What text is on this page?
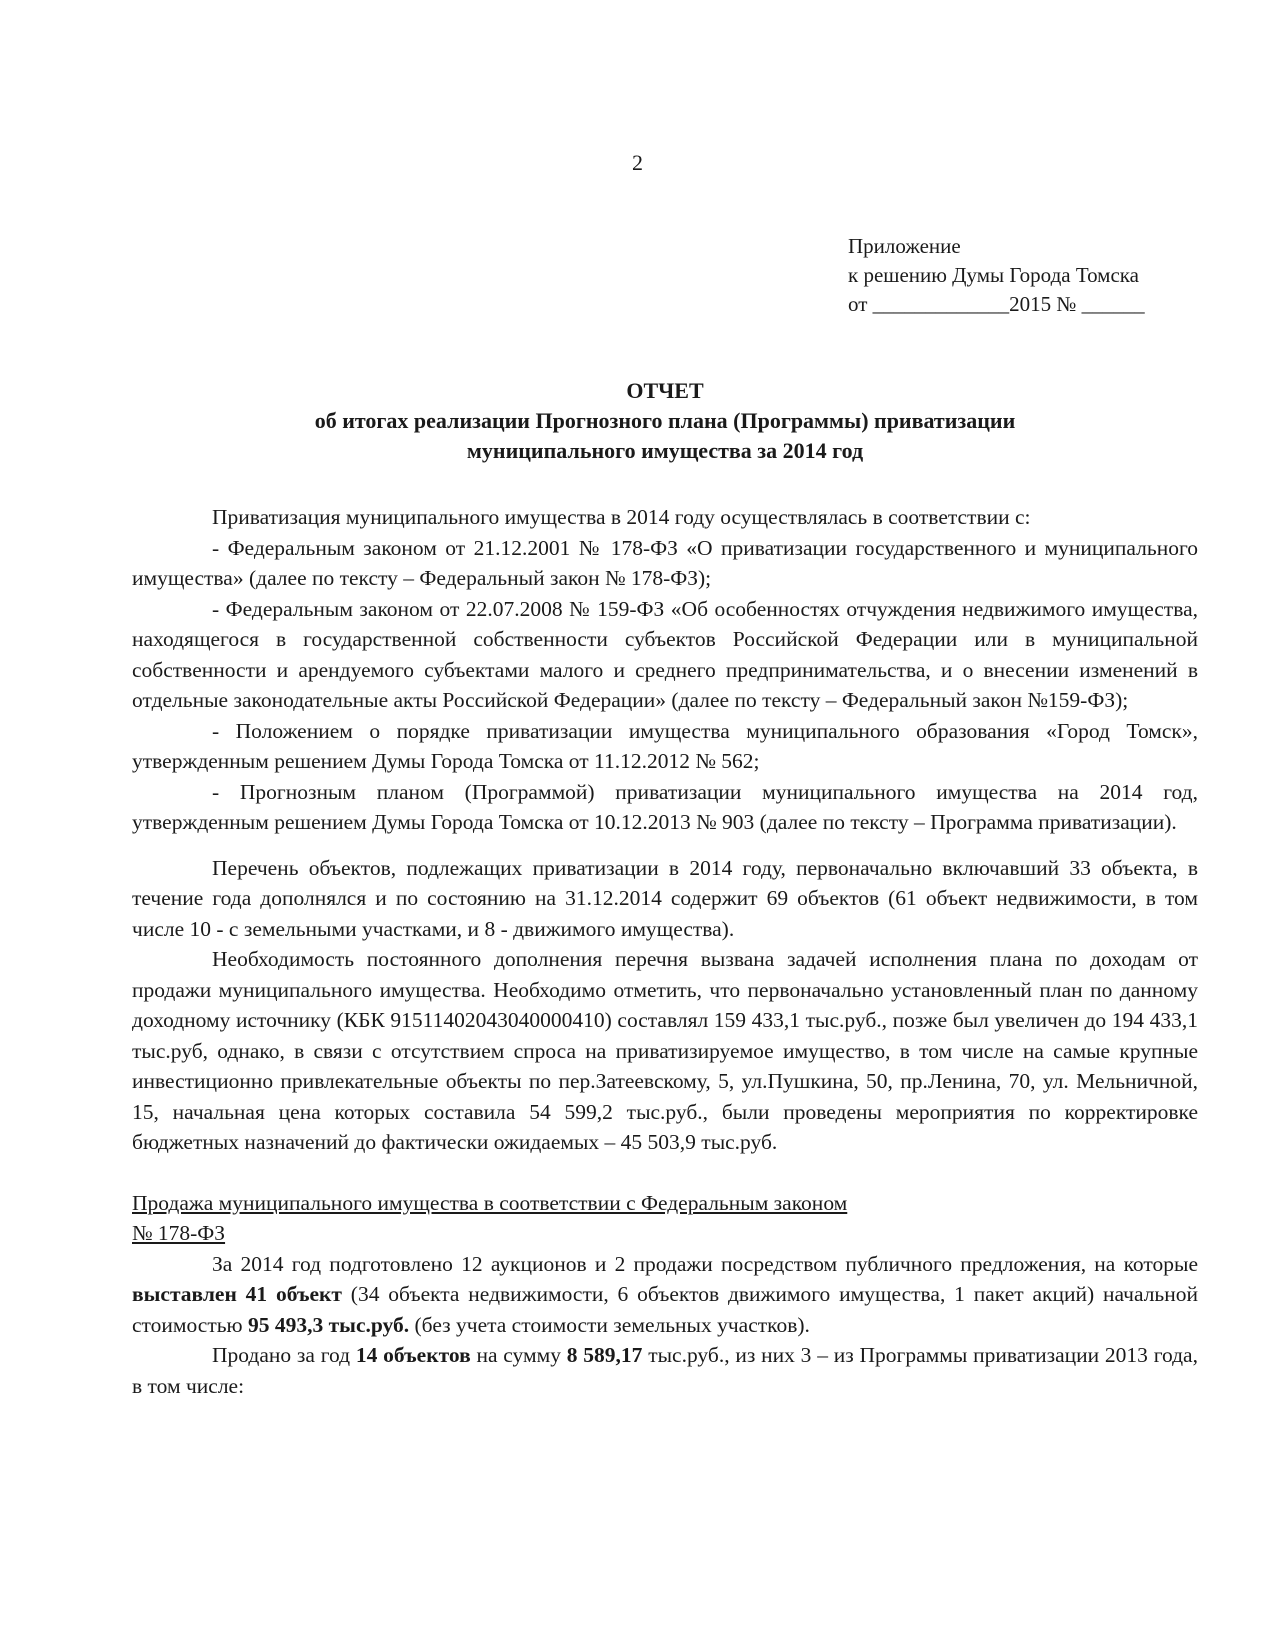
2
Приложение
к решению Думы Города Томска
от _____________2015 № ______
ОТЧЕТ
об итогах реализации Прогнозного плана (Программы) приватизации
муниципального имущества за 2014 год

Приватизация муниципального имущества в 2014 году осуществлялась в соответствии с:

- Федеральным законом от 21.12.2001 № 178-ФЗ «О приватизации государственного и муниципального имущества» (далее по тексту – Федеральный закон № 178-ФЗ);

- Федеральным законом от 22.07.2008 № 159-ФЗ «Об особенностях отчуждения недвижимого имущества, находящегося в государственной собственности субъектов Российской Федерации или в муниципальной собственности и арендуемого субъектами малого и среднего предпринимательства, и о внесении изменений в отдельные законодательные акты Российской Федерации» (далее по тексту – Федеральный закон №159-ФЗ);

- Положением о порядке приватизации имущества муниципального образования «Город Томск», утвержденным решением Думы Города Томска от 11.12.2012 № 562;

- Прогнозным планом (Программой) приватизации муниципального имущества на 2014 год, утвержденным решением Думы Города Томска от 10.12.2013 № 903 (далее по тексту – Программа приватизации).

Перечень объектов, подлежащих приватизации в 2014 году, первоначально включавший 33 объекта, в течение года дополнялся и по состоянию на 31.12.2014 содержит 69 объектов (61 объект недвижимости, в том числе 10 - с земельными участками, и 8 - движимого имущества).

Необходимость постоянного дополнения перечня вызвана задачей исполнения плана по доходам от продажи муниципального имущества. Необходимо отметить, что первоначально установленный план по данному доходному источнику (КБК 91511402043040000410) составлял 159 433,1 тыс.руб., позже был увеличен до 194 433,1 тыс.руб, однако, в связи с отсутствием спроса на приватизируемое имущество, в том числе на самые крупные инвестиционно привлекательные объекты по пер.Затеевскому, 5, ул.Пушкина, 50, пр.Ленина, 70, ул. Мельничной, 15, начальная цена которых составила 54 599,2 тыс.руб., были проведены мероприятия по корректировке бюджетных назначений до фактически ожидаемых – 45 503,9 тыс.руб.

Продажа муниципального имущества в соответствии с Федеральным законом
№ 178-ФЗ

За 2014 год подготовлено 12 аукционов и 2 продажи посредством публичного предложения, на которые выставлен 41 объект (34 объекта недвижимости, 6 объектов движимого имущества, 1 пакет акций) начальной стоимостью 95 493,3 тыс.руб. (без учета стоимости земельных участков).

Продано за год 14 объектов на сумму 8 589,17 тыс.руб., из них 3 – из Программы приватизации 2013 года, в том числе:
